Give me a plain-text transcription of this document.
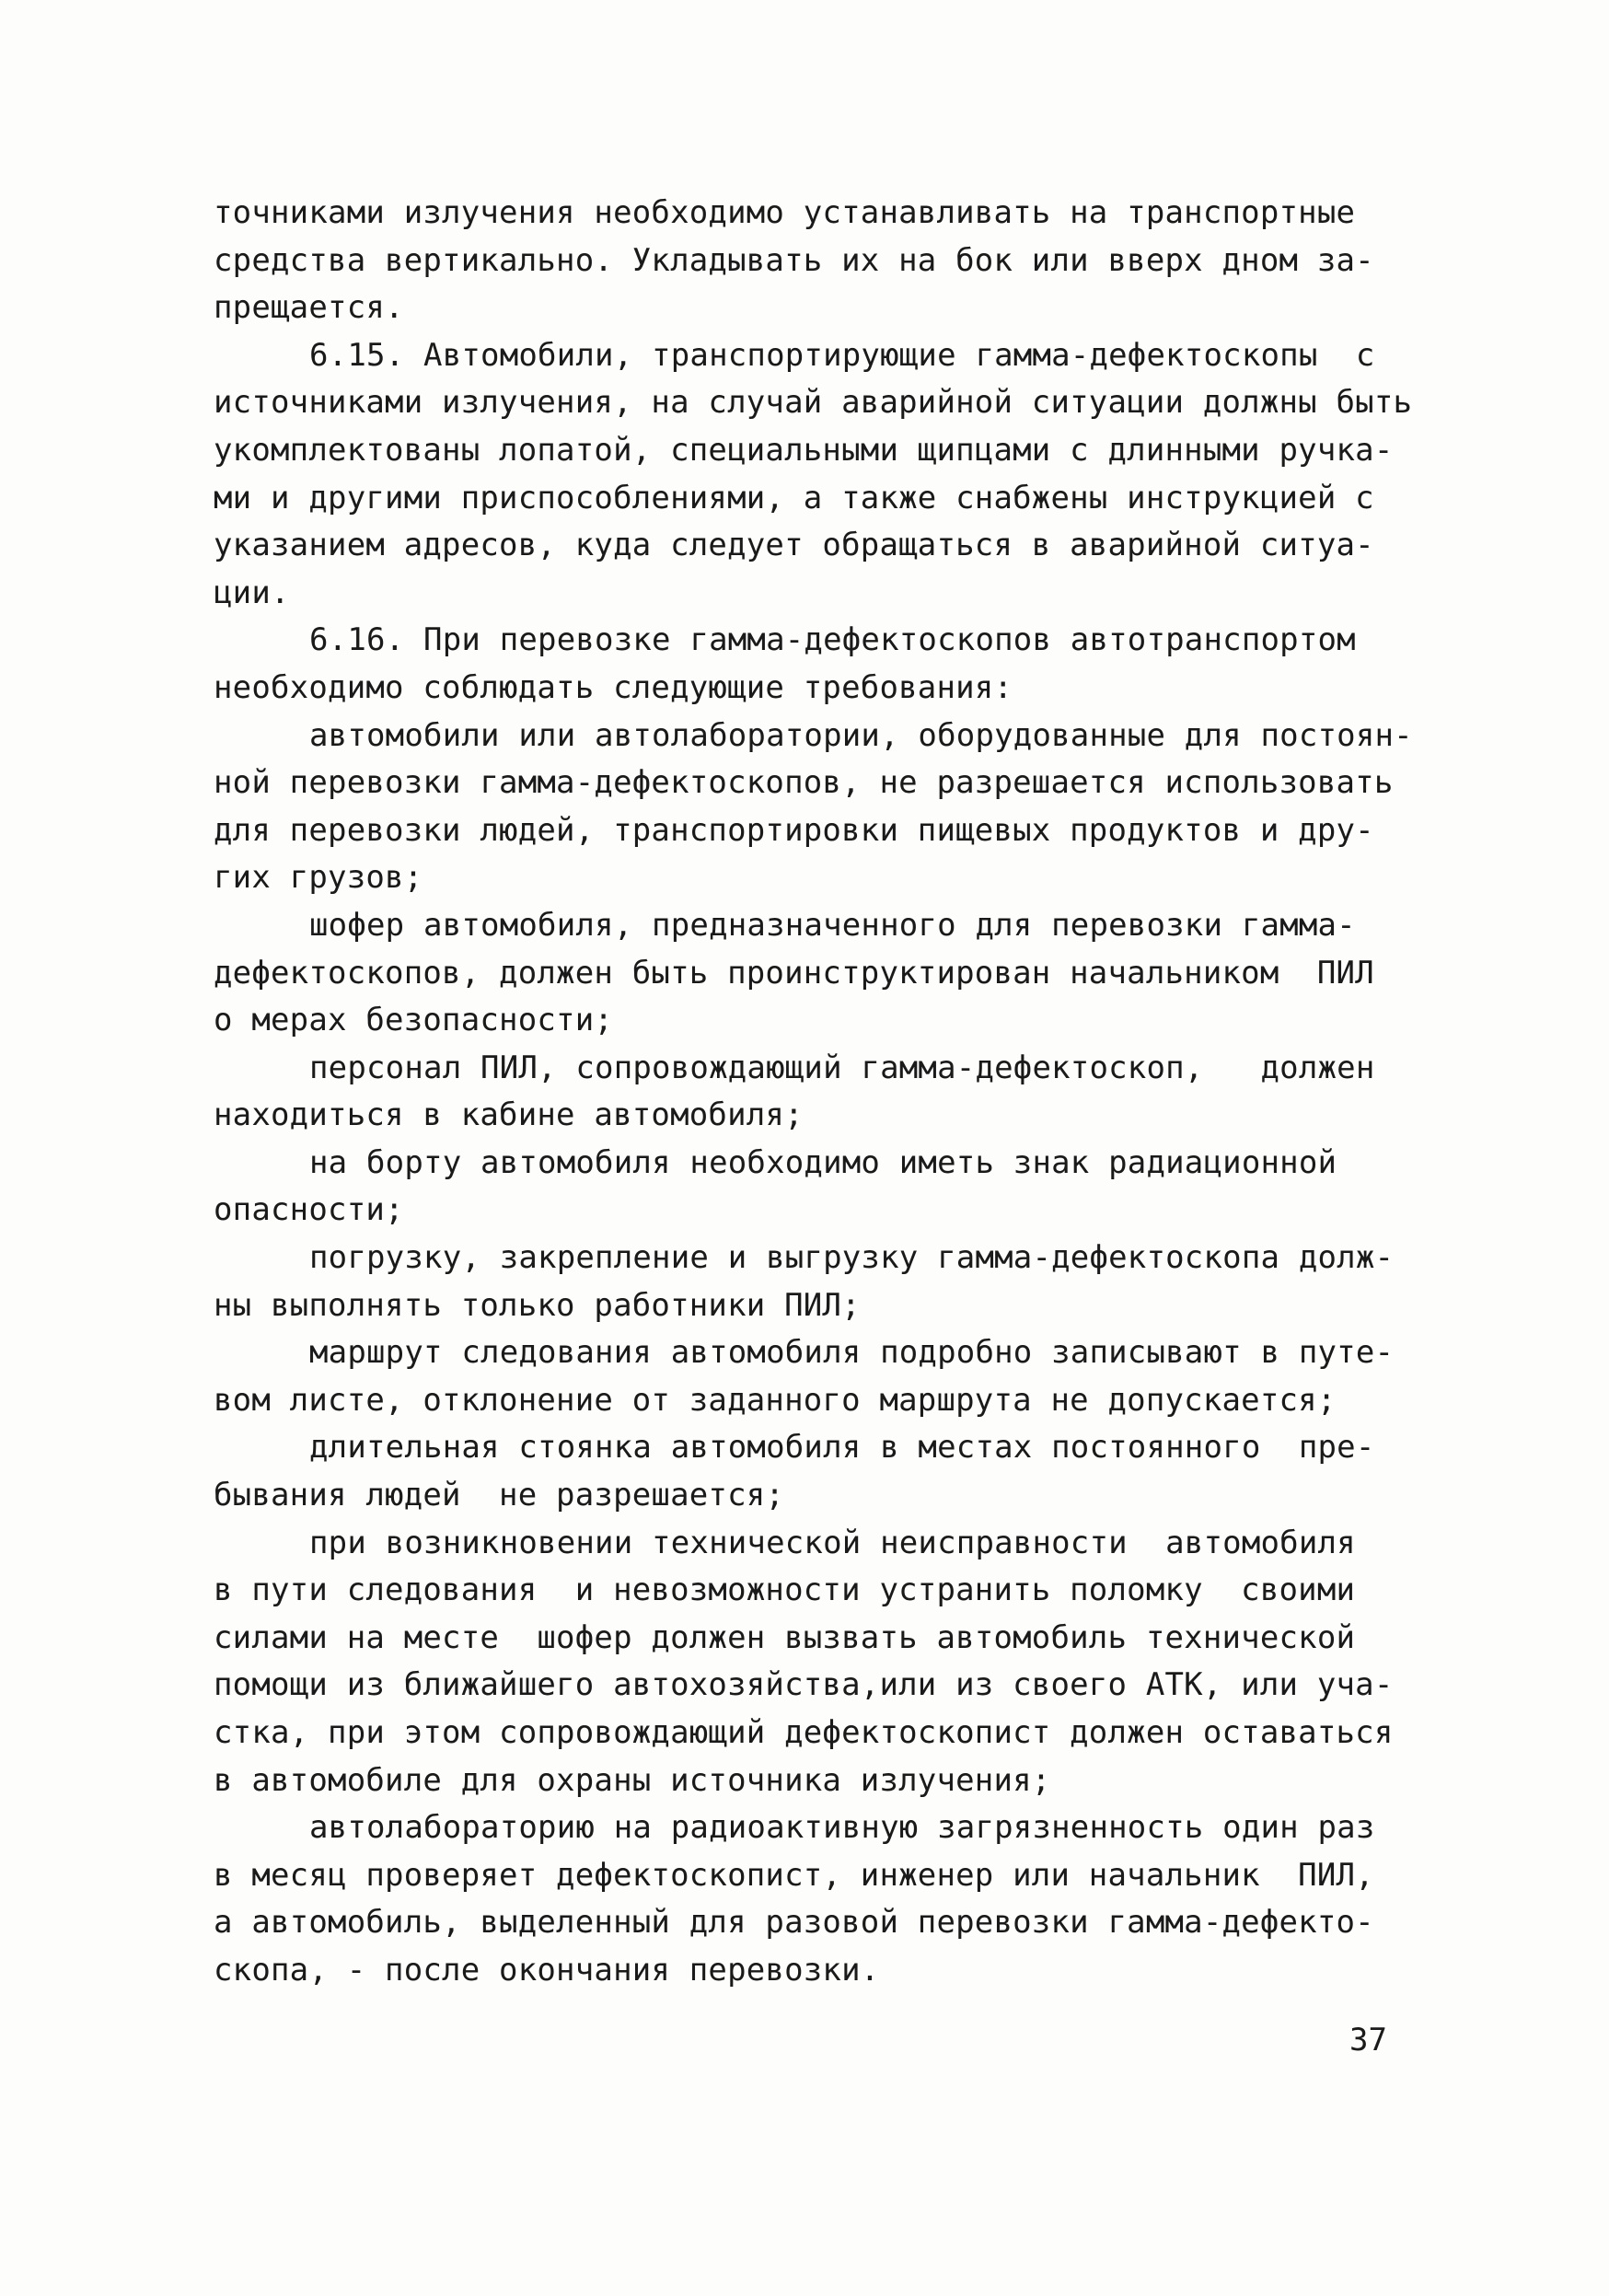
точниками излучения необходимо устанавливать на транспортные
средства вертикально. Укладывать их на бок или вверх дном за-
прещается.
6.15. Автомобили, транспортирующие гамма-дефектоскопы  с
источниками излучения, на случай аварийной ситуации должны быть
укомплектованы лопатой, специальными щипцами с длинными ручка-
ми и другими приспособлениями, а также снабжены инструкцией с
указанием адресов, куда следует обращаться в аварийной ситуа-
ции.
6.16. При перевозке гамма-дефектоскопов автотранспортом
необходимо соблюдать следующие требования:
автомобили или автолаборатории, оборудованные для постоян-
ной перевозки гамма-дефектоскопов, не разрешается использовать
для перевозки людей, транспортировки пищевых продуктов и дру-
гих грузов;
шофер автомобиля, предназначенного для перевозки гамма-
дефектоскопов, должен быть проинструктирован начальником  ПИЛ
о мерах безопасности;
персонал ПИЛ, сопровождающий гамма-дефектоскоп,   должен
находиться в кабине автомобиля;
на борту автомобиля необходимо иметь знак радиационной
опасности;
погрузку, закрепление и выгрузку гамма-дефектоскопа долж-
ны выполнять только работники ПИЛ;
маршрут следования автомобиля подробно записывают в путе-
вом листе, отклонение от заданного маршрута не допускается;
длительная стоянка автомобиля в местах постоянного  пре-
бывания людей  не разрешается;
при возникновении технической неисправности  автомобиля
в пути следования  и невозможности устранить поломку  своими
силами на месте  шофер должен вызвать автомобиль технической
помощи из ближайшего автохозяйства,или из своего АТК, или уча-
стка, при этом сопровождающий дефектоскопист должен оставаться
в автомобиле для охраны источника излучения;
автолабораторию на радиоактивную загрязненность один раз
в месяц проверяет дефектоскопист, инженер или начальник  ПИЛ,
а автомобиль, выделенный для разовой перевозки гамма-дефекто-
скопа, - после окончания перевозки.
37
